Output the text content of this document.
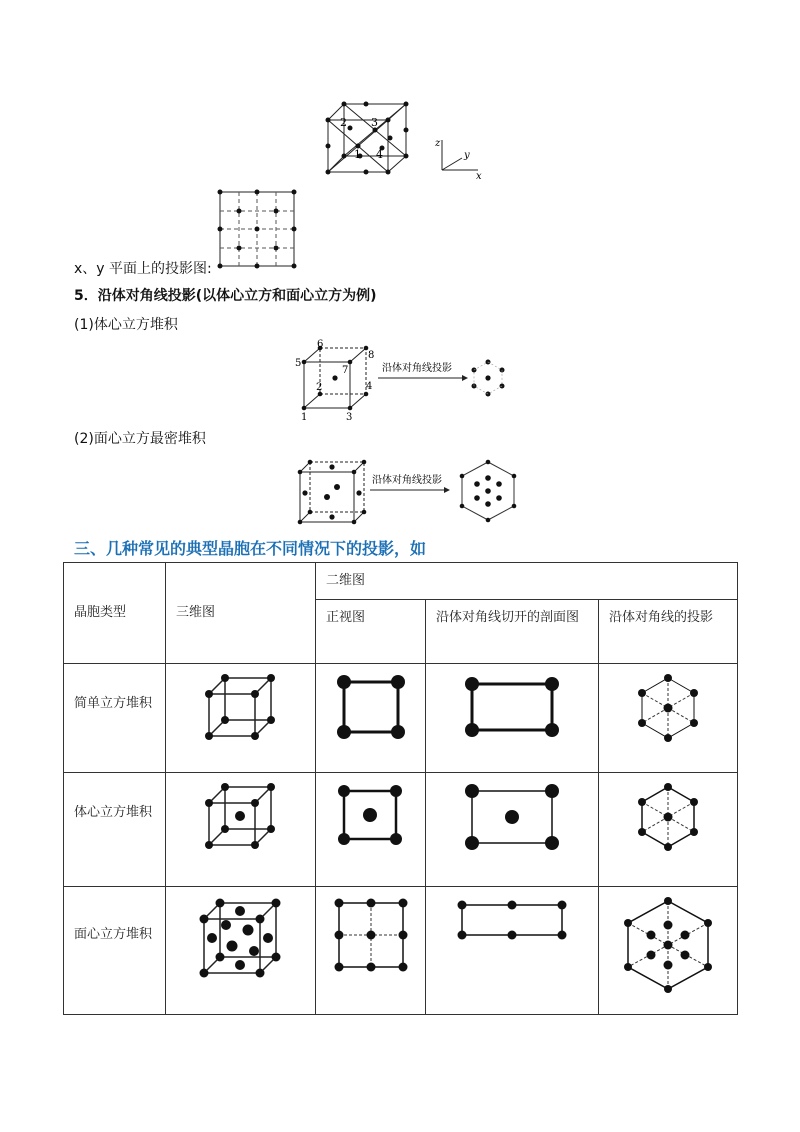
2 3
1 4
z
y
x
x、y 平面上的投影图:
5．沿体对角线投影(以体心立方和面心立方为例)
(1)体心立方堆积
5
6
8
7
2	4
1	3
沿体对角线投影
(2)面心立方最密堆积
沿体对角线投影
三、几种常见的典型晶胞在不同情况下的投影，如
晶胞类型	三维图	二维图		
		正视图	沿体对角线切开的剖面图	沿体对角线的投影
简单立方堆积	

体心立方堆积	

面心立方堆积	
